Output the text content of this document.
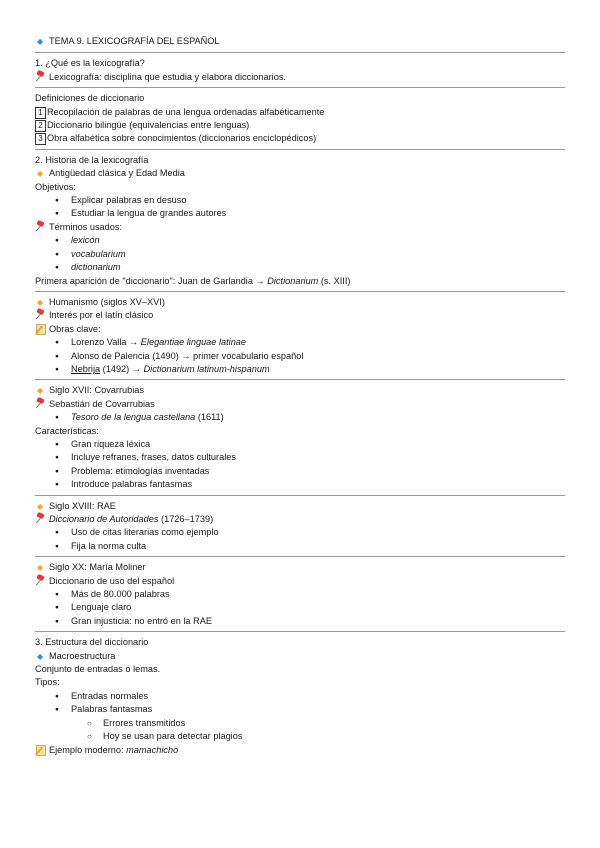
◆ TEMA 9. LEXICOGRAFÍA DEL ESPAÑOL
1. ¿Qué es la lexicografía?
Lexicografía: disciplina que estudia y elabora diccionarios.
Definiciones de diccionario
1 Recopilación de palabras de una lengua ordenadas alfabéticamente
2 Diccionario bilingüe (equivalencias entre lenguas)
3 Obra alfabética sobre conocimientos (diccionarios enciclopédicos)
2. Historia de la lexicografía
◆ Antigüedad clásica y Edad Media
Objetivos:
● Explicar palabras en desuso
● Estudiar la lengua de grandes autores
Términos usados:
● lexicón
● vocabularium
● dictionarium
Primera aparición de "diccionario": Juan de Garlandia → Dictionarium (s. XIII)
◆ Humanismo (siglos XV–XVI)
Interés por el latín clásico
Obras clave:
● Lorenzo Valla → Elegantiae linguae latinae
● Alonso de Palencia (1490) → primer vocabulario español
● Nebrija (1492) → Dictionarium latinum-hispanum
◆ Siglo XVII: Covarrubias
Sebastián de Covarrubias
● Tesoro de la lengua castellana (1611)
Características:
● Gran riqueza léxica
● Incluye refranes, frases, datos culturales
● Problema: etimologías inventadas
● Introduce palabras fantasmas
◆ Siglo XVIII: RAE
Diccionario de Autoridades (1726–1739)
● Uso de citas literarias como ejemplo
● Fija la norma culta
◆ Siglo XX: María Moliner
Diccionario de uso del español
● Más de 80.000 palabras
● Lenguaje claro
● Gran injusticia: no entró en la RAE
3. Estructura del diccionario
◆ Macroestructura
Conjunto de entradas o lemas.
Tipos:
● Entradas normales
● Palabras fantasmas
○ Errores transmitidos
○ Hoy se usan para detectar plagios
Ejemplo moderno: mamachicho
